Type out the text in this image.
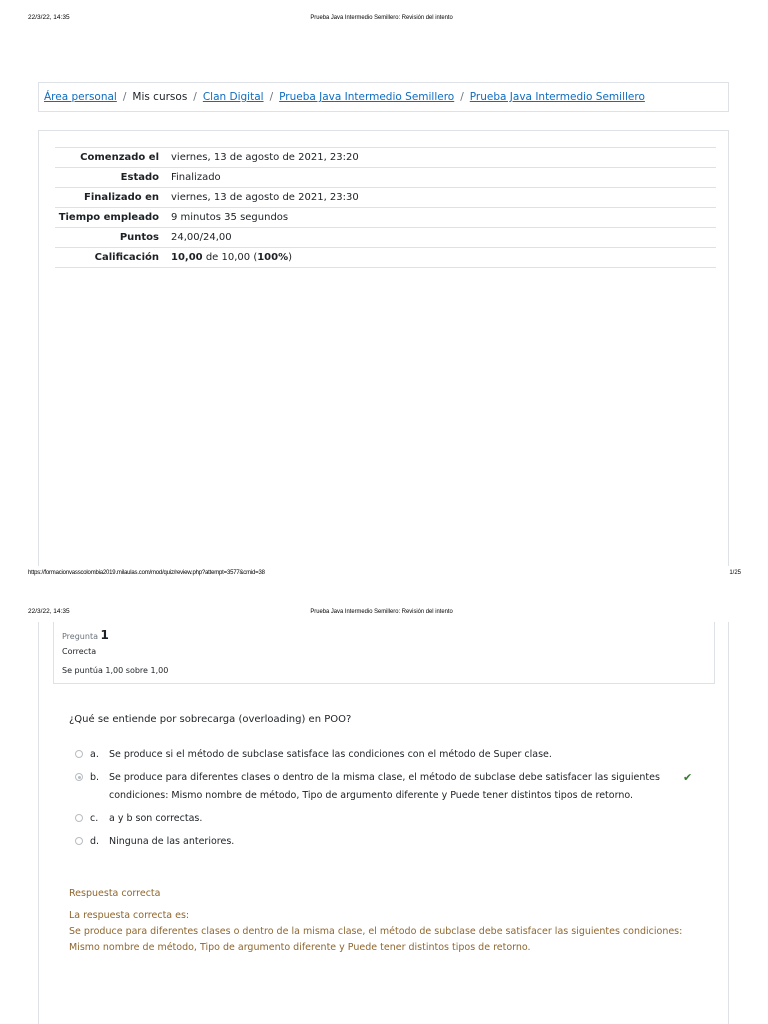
22/3/22, 14:35	Prueba Java Intermedio Semillero: Revisión del intento
Área personal / Mis cursos / Clan Digital / Prueba Java Intermedio Semillero / Prueba Java Intermedio Semillero
Comenzado el	viernes, 13 de agosto de 2021, 23:20
Estado	Finalizado
Finalizado en	viernes, 13 de agosto de 2021, 23:30
Tiempo empleado	9 minutos 35 segundos
Puntos	24,00/24,00
Calificación	10,00 de 10,00 (100%)
https://formacionvasscolombia2019.milaulas.com/mod/quiz/review.php?attempt=3577&cmid=38	1/25
22/3/22, 14:35	Prueba Java Intermedio Semillero: Revisión del intento
Pregunta 1
Correcta
Se puntúa 1,00 sobre 1,00
¿Qué se entiende por sobrecarga (overloading) en POO?
a. Se produce si el método de subclase satisface las condiciones con el método de Super clase.
b. Se produce para diferentes clases o dentro de la misma clase, el método de subclase debe satisfacer las siguientes condiciones: Mismo nombre de método, Tipo de argumento diferente y Puede tener distintos tipos de retorno.
✔
c. a y b son correctas.
d. Ninguna de las anteriores.
Respuesta correcta
La respuesta correcta es:
Se produce para diferentes clases o dentro de la misma clase, el método de subclase debe satisfacer las siguientes condiciones: Mismo nombre de método, Tipo de argumento diferente y Puede tener distintos tipos de retorno.
